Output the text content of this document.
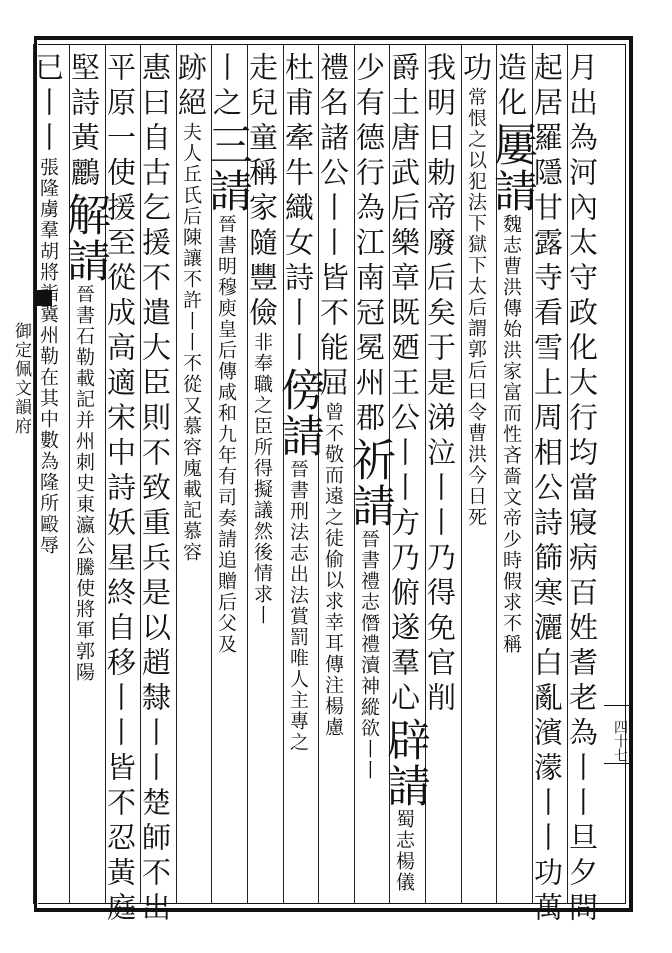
御定佩文韻府
四十七
月出為河內太守政化大行均當寢病百姓耆老為丨丨旦夕問
起居羅隱甘露寺看雪上周相公詩篩寒灑白亂濱濛丨丨功萬
造化屢請魏志曹洪傳始洪家富而性吝嗇文帝少時假求不稱
功常恨之以犯法下獄下太后謂郭后曰令曹洪今日死
我明日勅帝廢后矣于是涕泣丨丨乃得免官削
爵土唐武后樂章既廼王公丨丨方乃俯遂羣心辟請蜀志楊儀
少有德行為江南冠冕州郡祈請晉書禮志僭禮瀆神縱欲丨丨
禮名諸公丨丨皆不能屈曾不敬而遠之徒偷以求幸耳傳注楊慮
杜甫牽牛織女詩丨丨傍請晉書刑法志出法賞罰唯人主專之
走兒童稱家隨豐儉非奉職之臣所得擬議然後情求丨
丨之三請晉書明穆庾皇后傳咸和九年有司奏請追贈后父及
跡絕夫人丘氏后陳讓不許丨丨不從又慕容廆載記慕容
惠曰自古乞援不遣大臣則不致重兵是以趙隸丨丨楚師不出
平原一使援至從成高適宋中詩妖星終自移丨丨皆不忍黃庭
堅詩黃鸝解請晉書石勒載記并州刺史東瀛公騰使將軍郭陽
已丨丨張隆虜羣胡將詣冀州勒在其中數為隆所毆辱
